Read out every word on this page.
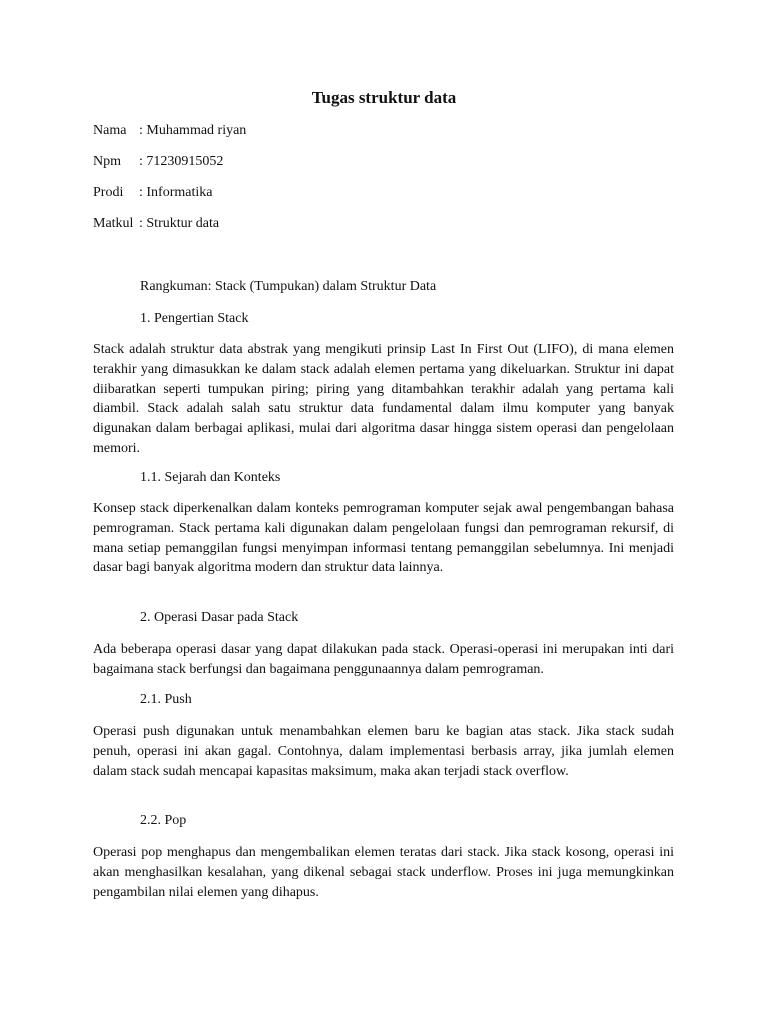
Tugas struktur data
Nama : Muhammad riyan
Npm	: 71230915052
Prodi	: Informatika
Matkul : Struktur data
Rangkuman: Stack (Tumpukan) dalam Struktur Data
1. Pengertian Stack
Stack adalah struktur data abstrak yang mengikuti prinsip Last In First Out (LIFO), di mana elemen terakhir yang dimasukkan ke dalam stack adalah elemen pertama yang dikeluarkan. Struktur ini dapat diibaratkan seperti tumpukan piring; piring yang ditambahkan terakhir adalah yang pertama kali diambil. Stack adalah salah satu struktur data fundamental dalam ilmu komputer yang banyak digunakan dalam berbagai aplikasi, mulai dari algoritma dasar hingga sistem operasi dan pengelolaan memori.
1.1. Sejarah dan Konteks
Konsep stack diperkenalkan dalam konteks pemrograman komputer sejak awal pengembangan bahasa pemrograman. Stack pertama kali digunakan dalam pengelolaan fungsi dan pemrograman rekursif, di mana setiap pemanggilan fungsi menyimpan informasi tentang pemanggilan sebelumnya. Ini menjadi dasar bagi banyak algoritma modern dan struktur data lainnya.
2. Operasi Dasar pada Stack
Ada beberapa operasi dasar yang dapat dilakukan pada stack. Operasi-operasi ini merupakan inti dari bagaimana stack berfungsi dan bagaimana penggunaannya dalam pemrograman.
2.1. Push
Operasi push digunakan untuk menambahkan elemen baru ke bagian atas stack. Jika stack sudah penuh, operasi ini akan gagal. Contohnya, dalam implementasi berbasis array, jika jumlah elemen dalam stack sudah mencapai kapasitas maksimum, maka akan terjadi stack overflow.
2.2. Pop
Operasi pop menghapus dan mengembalikan elemen teratas dari stack. Jika stack kosong, operasi ini akan menghasilkan kesalahan, yang dikenal sebagai stack underflow. Proses ini juga memungkinkan pengambilan nilai elemen yang dihapus.
